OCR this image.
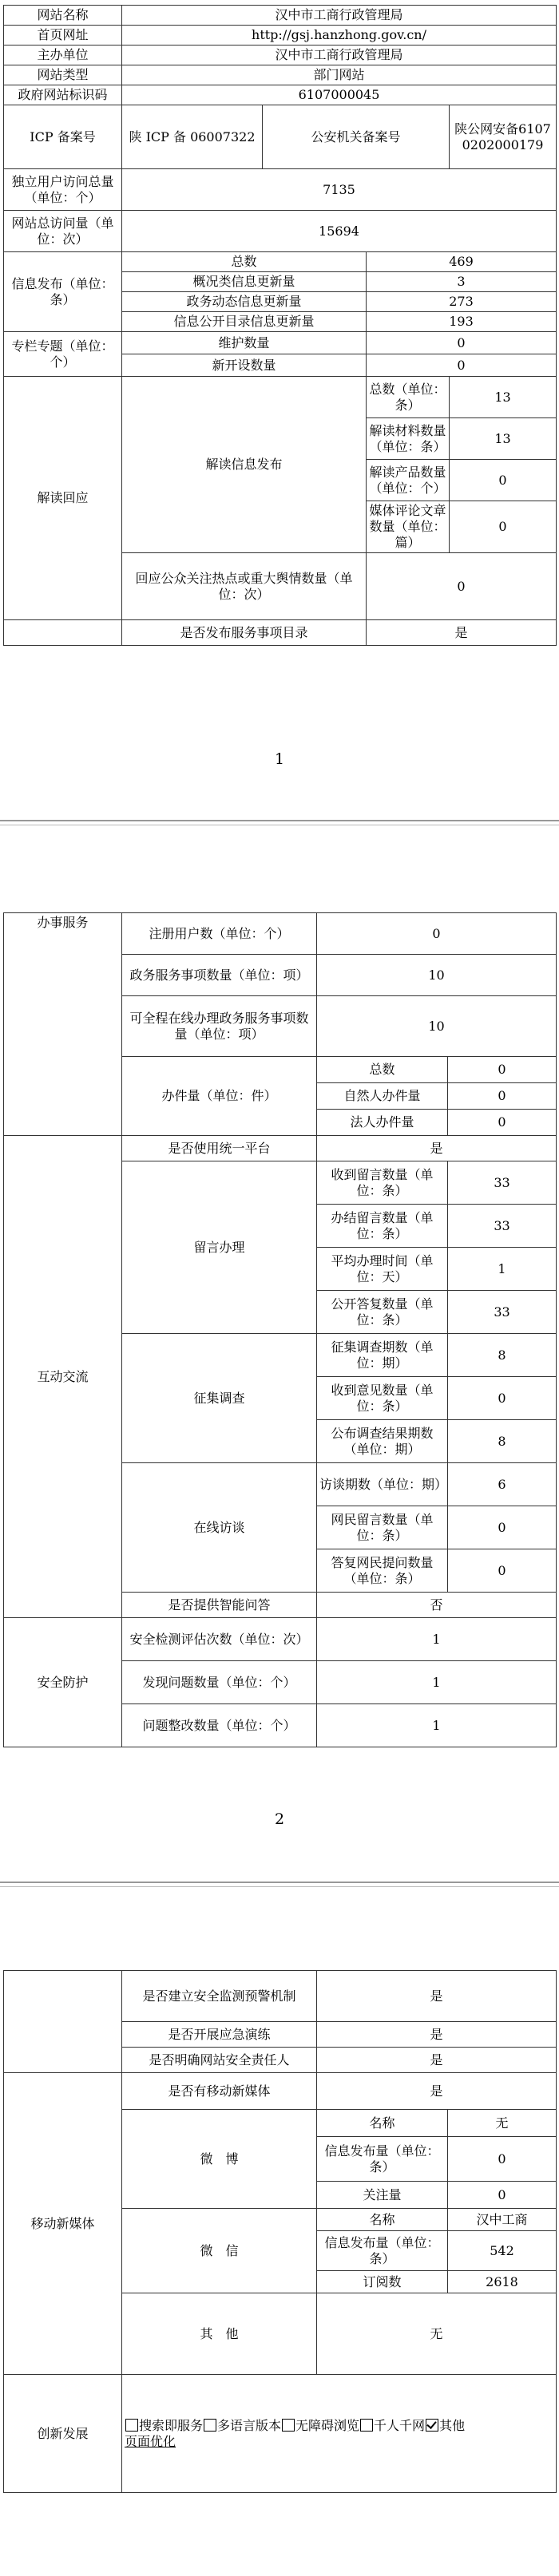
网站名称	汉中市工商行政管理局			
首页网址	http://gsj.hanzhong.gov.cn/			
主办单位	汉中市工商行政管理局			
网站类型	部门网站			
政府网站标识码	6107000045			
ICP 备案号	陕 ICP 备 06007322	公安机关备案号		陕公网安备61070202000179
独立用户访问总量（单位：个）	7135			
网站总访问量（单位：次）	15694			
信息发布（单位：条）	总数		469	
	概况类信息更新量		3	
	政务动态信息更新量		273	
	信息公开目录信息更新量		193	
专栏专题（单位：个）	维护数量		0	
	新开设数量		0	
解读回应	解读信息发布		总数（单位：条）	13
			解读材料数量（单位：条）	13
			解读产品数量（单位：个）	0
			媒体评论文章数量（单位：篇）	0
	回应公众关注热点或重大舆情数量（单位：次）		0	
	是否发布服务事项目录		是	
1
办事服务	注册用户数（单位：个）	0	
	政务服务事项数量（单位：项）	10	
	可全程在线办理政务服务事项数量（单位：项）	10	
	办件量（单位：件）	总数	0
		自然人办件量	0
		法人办件量	0
互动交流	是否使用统一平台	是	
	留言办理	收到留言数量（单位：条）	33
		办结留言数量（单位：条）	33
		平均办理时间（单位：天）	1
		公开答复数量（单位：条）	33
	征集调查	征集调查期数（单位：期）	8
		收到意见数量（单位：条）	0
		公布调查结果期数（单位：期）	8
	在线访谈	访谈期数（单位：期）	6
		网民留言数量（单位：条）	0
		答复网民提问数量（单位：条）	0
	是否提供智能问答	否	
安全防护	安全检测评估次数（单位：次）	1	
	发现问题数量（单位：个）	1	
	问题整改数量（单位：个）	1	
2
	是否建立安全监测预警机制	是	
	是否开展应急演练	是	
	是否明确网站安全责任人	是	
移动新媒体	是否有移动新媒体	是	
	微　博	名称	无
		信息发布量（单位：条）	0
		关注量	0
	微　信	名称	汉中工商
		信息发布量（单位：条）	542
		订阅数	2618
	其　他	无	
创新发展	搜索即服务 多语言版本 无障碍浏览 千人千网 其他
页面优化		
